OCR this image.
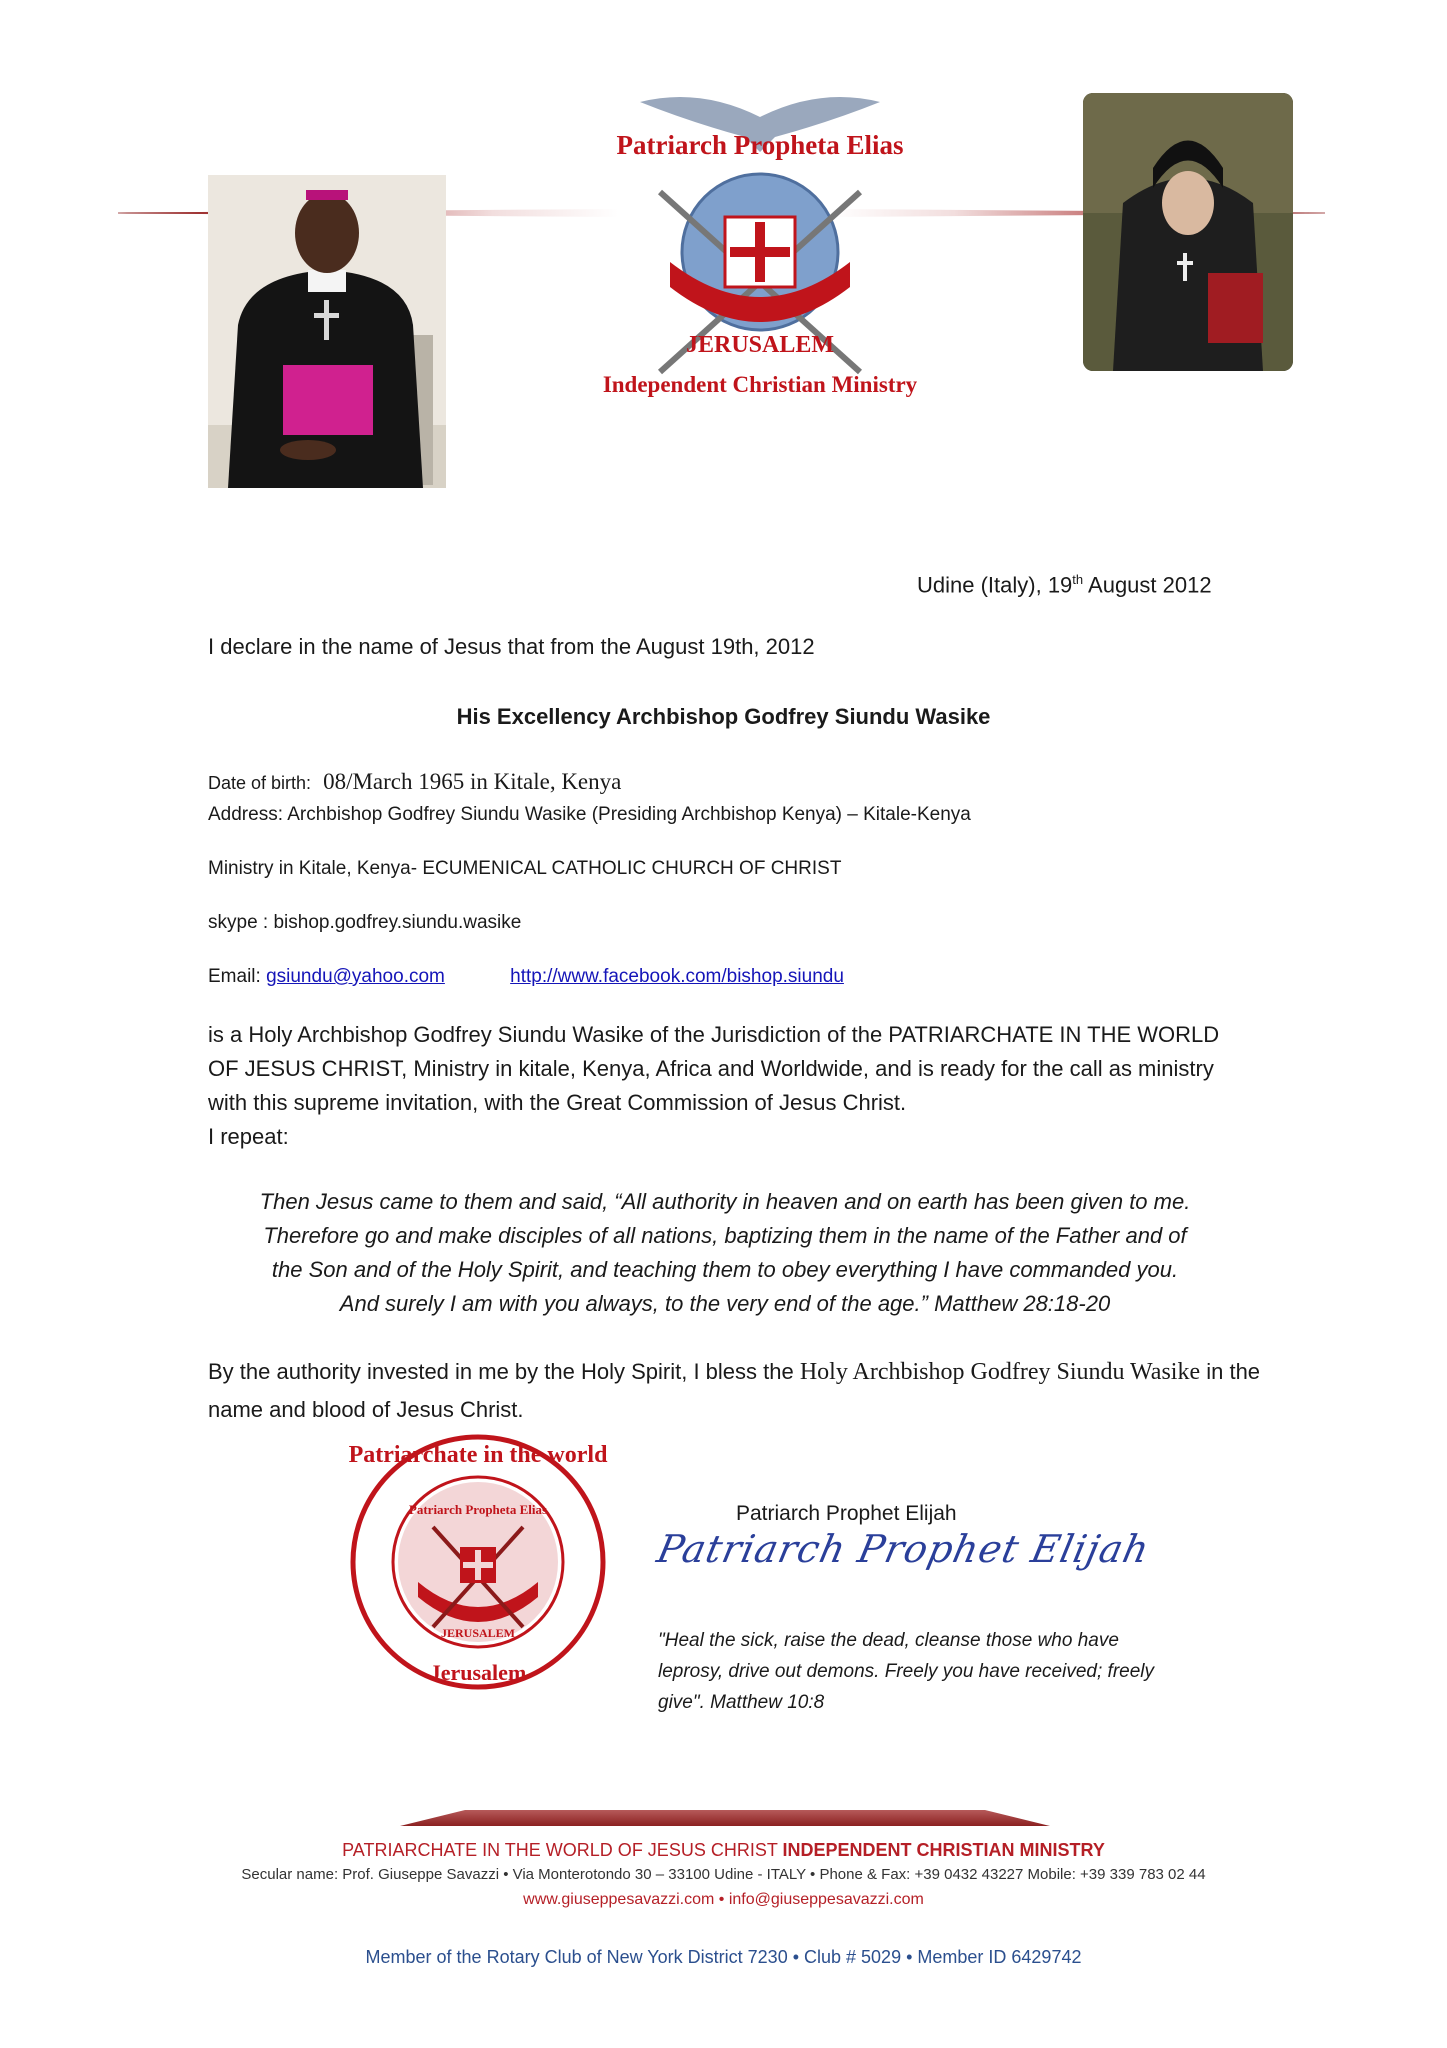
Patriarch Propheta Elias
JERUSALEM
Independent Christian Ministry
Udine (Italy), 19th August 2012
I declare in the name of Jesus that from the August 19th, 2012
His Excellency Archbishop Godfrey Siundu Wasike
Date of birth: 08/March 1965 in Kitale, Kenya
Address: Archbishop Godfrey Siundu Wasike (Presiding Archbishop Kenya) – Kitale-Kenya
Ministry in Kitale, Kenya- ECUMENICAL CATHOLIC CHURCH OF CHRIST
skype : bishop.godfrey.siundu.wasike
Email: gsiundu@yahoo.com	http://www.facebook.com/bishop.siundu
is a Holy Archbishop Godfrey Siundu Wasike of the Jurisdiction of the PATRIARCHATE IN THE WORLD OF JESUS CHRIST, Ministry in kitale, Kenya, Africa and Worldwide, and is ready for the call as ministry with this supreme invitation, with the Great Commission of Jesus Christ.
I repeat:
Then Jesus came to them and said, “All authority in heaven and on earth has been given to me.
Therefore go and make disciples of all nations, baptizing them in the name of the Father and of
the Son and of the Holy Spirit, and teaching them to obey everything I have commanded you.
And surely I am with you always, to the very end of the age.” Matthew 28:18-20
By the authority invested in me by the Holy Spirit, I bless the Holy Archbishop Godfrey Siundu Wasike in the name and blood of Jesus Christ.
Patriarchate in the world
Jerusalem
Patriarch Propheta Elias
JERUSALEM
Patriarch Prophet Elijah
Patriarch Prophet Elijah
"Heal the sick, raise the dead, cleanse those who have
leprosy, drive out demons. Freely you have received; freely
give". Matthew 10:8
PATRIARCHATE IN THE WORLD OF JESUS CHRIST INDEPENDENT CHRISTIAN MINISTRY
Secular name: Prof. Giuseppe Savazzi • Via Monterotondo 30 – 33100 Udine - ITALY • Phone & Fax: +39 0432 43227 Mobile: +39 339 783 02 44
www.giuseppesavazzi.com • info@giuseppesavazzi.com
Member of the Rotary Club of New York District 7230 • Club # 5029 • Member ID 6429742
